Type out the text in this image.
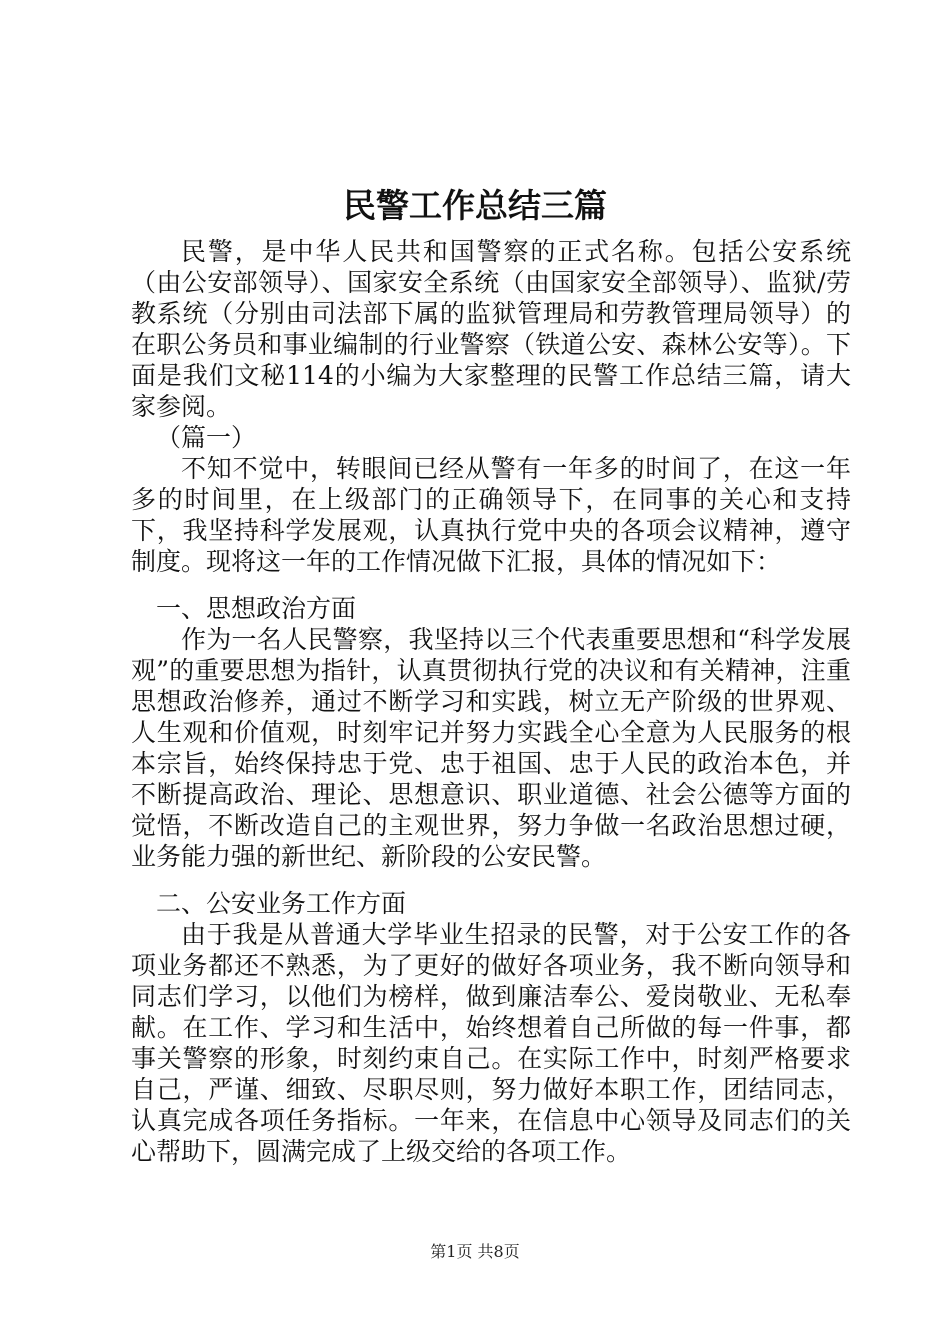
民警工作总结三篇

民警，是中华人民共和国警察的正式名称。包括公安系统（由公安部领导）、国家安全系统（由国家安全部领导）、监狱/劳教系统（分别由司法部下属的监狱管理局和劳教管理局领导）的在职公务员和事业编制的行业警察（铁道公安、森林公安等）。下面是我们文秘114的小编为大家整理的民警工作总结三篇，请大家参阅。

（篇一）

不知不觉中，转眼间已经从警有一年多的时间了，在这一年多的时间里，在上级部门的正确领导下，在同事的关心和支持下，我坚持科学发展观，认真执行党中央的各项会议精神，遵守制度。现将这一年的工作情况做下汇报，具体的情况如下：

一、思想政治方面

作为一名人民警察，我坚持以三个代表重要思想和“科学发展观”的重要思想为指针，认真贯彻执行党的决议和有关精神，注重思想政治修养，通过不断学习和实践，树立无产阶级的世界观、人生观和价值观，时刻牢记并努力实践全心全意为人民服务的根本宗旨，始终保持忠于党、忠于祖国、忠于人民的政治本色，并不断提高政治、理论、思想意识、职业道德、社会公德等方面的觉悟，不断改造自己的主观世界，努力争做一名政治思想过硬，业务能力强的新世纪、新阶段的公安民警。

二、公安业务工作方面

由于我是从普通大学毕业生招录的民警，对于公安工作的各项业务都还不熟悉，为了更好的做好各项业务，我不断向领导和同志们学习，以他们为榜样，做到廉洁奉公、爱岗敬业、无私奉献。在工作、学习和生活中，始终想着自己所做的每一件事，都事关警察的形象，时刻约束自己。在实际工作中，时刻严格要求自己，严谨、细致、尽职尽则，努力做好本职工作，团结同志，认真完成各项任务指标。一年来，在信息中心领导及同志们的关心帮助下，圆满完成了上级交给的各项工作。

第1页 共8页
